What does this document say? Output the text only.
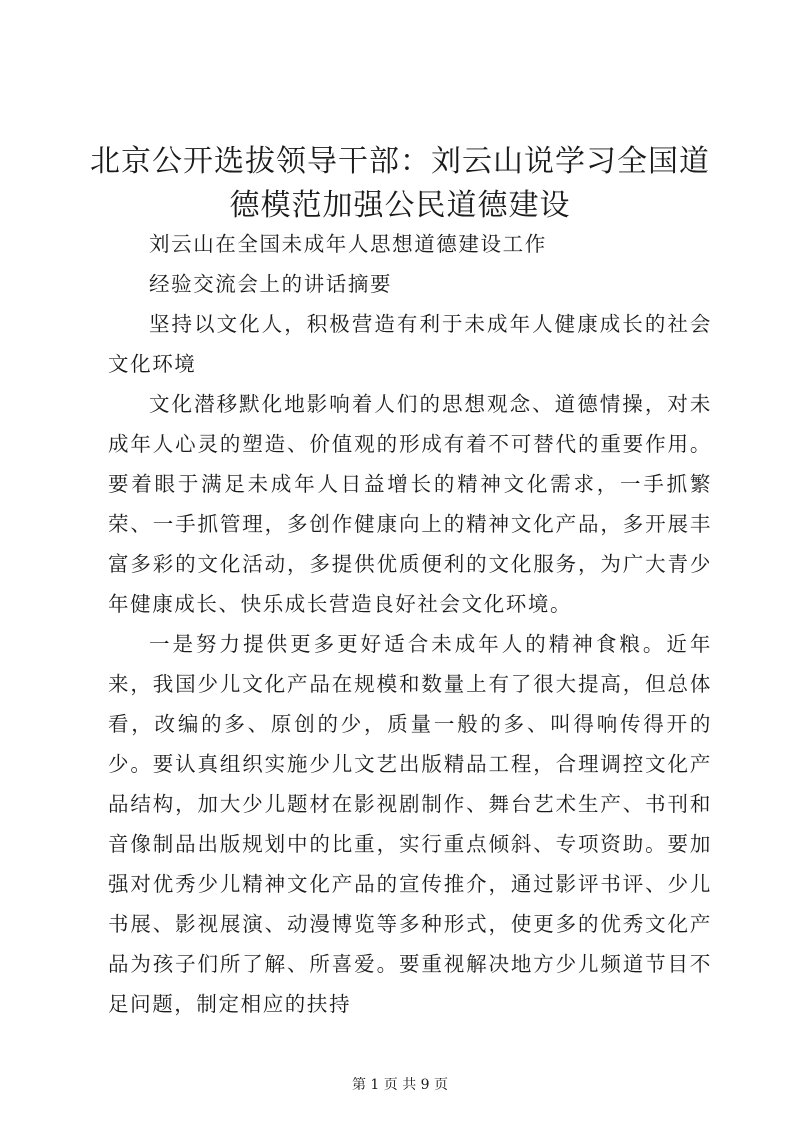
北京公开选拔领导干部：刘云山说学习全国道德模范加强公民道德建设

刘云山在全国未成年人思想道德建设工作

经验交流会上的讲话摘要

坚持以文化人，积极营造有利于未成年人健康成长的社会文化环境

文化潜移默化地影响着人们的思想观念、道德情操，对未成年人心灵的塑造、价值观的形成有着不可替代的重要作用。要着眼于满足未成年人日益增长的精神文化需求，一手抓繁荣、一手抓管理，多创作健康向上的精神文化产品，多开展丰富多彩的文化活动，多提供优质便利的文化服务，为广大青少年健康成长、快乐成长营造良好社会文化环境。

一是努力提供更多更好适合未成年人的精神食粮。近年来，我国少儿文化产品在规模和数量上有了很大提高，但总体看，改编的多、原创的少，质量一般的多、叫得响传得开的少。要认真组织实施少儿文艺出版精品工程，合理调控文化产品结构，加大少儿题材在影视剧制作、舞台艺术生产、书刊和音像制品出版规划中的比重，实行重点倾斜、专项资助。要加强对优秀少儿精神文化产品的宣传推介，通过影评书评、少儿书展、影视展演、动漫博览等多种形式，使更多的优秀文化产品为孩子们所了解、所喜爱。要重视解决地方少儿频道节目不足问题，制定相应的扶持

第 1 页 共 9 页
